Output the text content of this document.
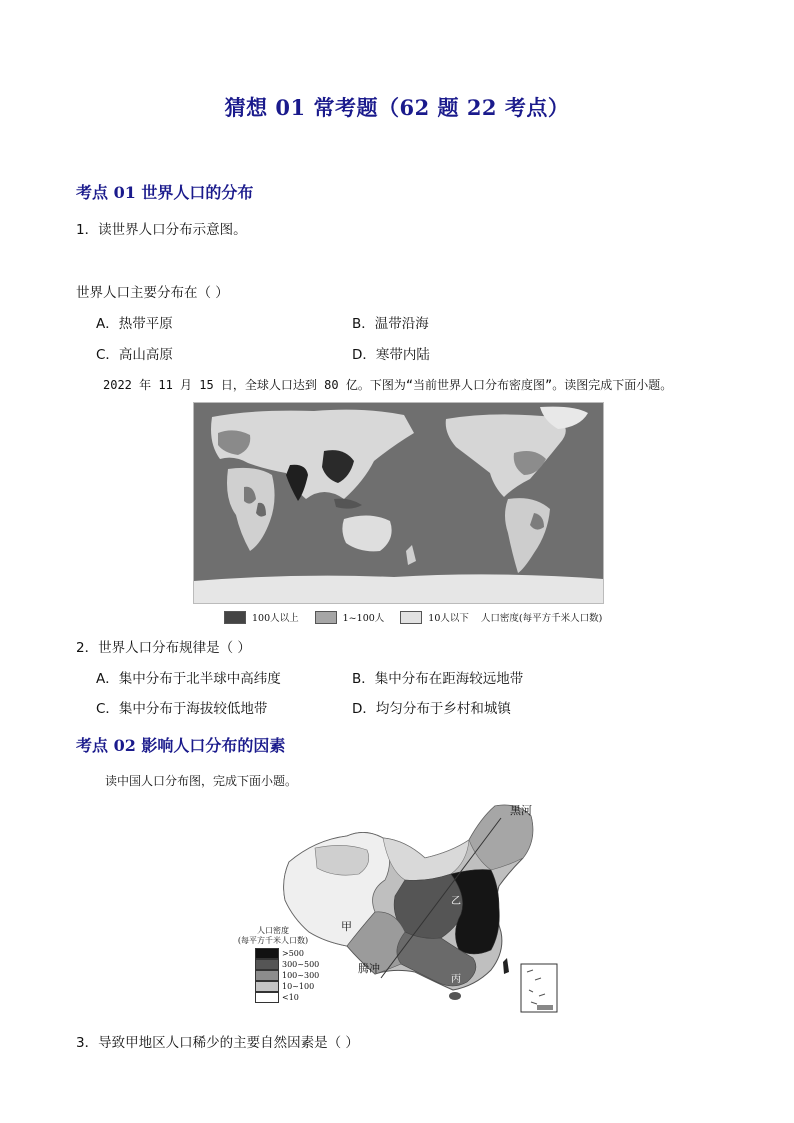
猜想 01 常考题（62 题 22 考点）
考点 01 世界人口的分布
1．读世界人口分布示意图。
世界人口主要分布在（ ）
A．热带平原	B．温带沿海
C．高山高原	D．寒带内陆
2022 年 11 月 15 日，全球人口达到 80 亿。下图为“当前世界人口分布密度图”。读图完成下面小题。
100人以上	1~100人	10人以下 人口密度(每平方千米人口数)
2．世界人口分布规律是（ ）
A．集中分布于北半球中高纬度	B．集中分布在距海较远地带
C．集中分布于海拔较低地带	D．均匀分布于乡村和城镇
考点 02 影响人口分布的因素
读中国人口分布图，完成下面小题。
黑河
腾冲
甲
乙
丙
人口密度
(每平方千米人口数)
>500
300~500
100~300
10~100
<10
3．导致甲地区人口稀少的主要自然因素是（ ）
